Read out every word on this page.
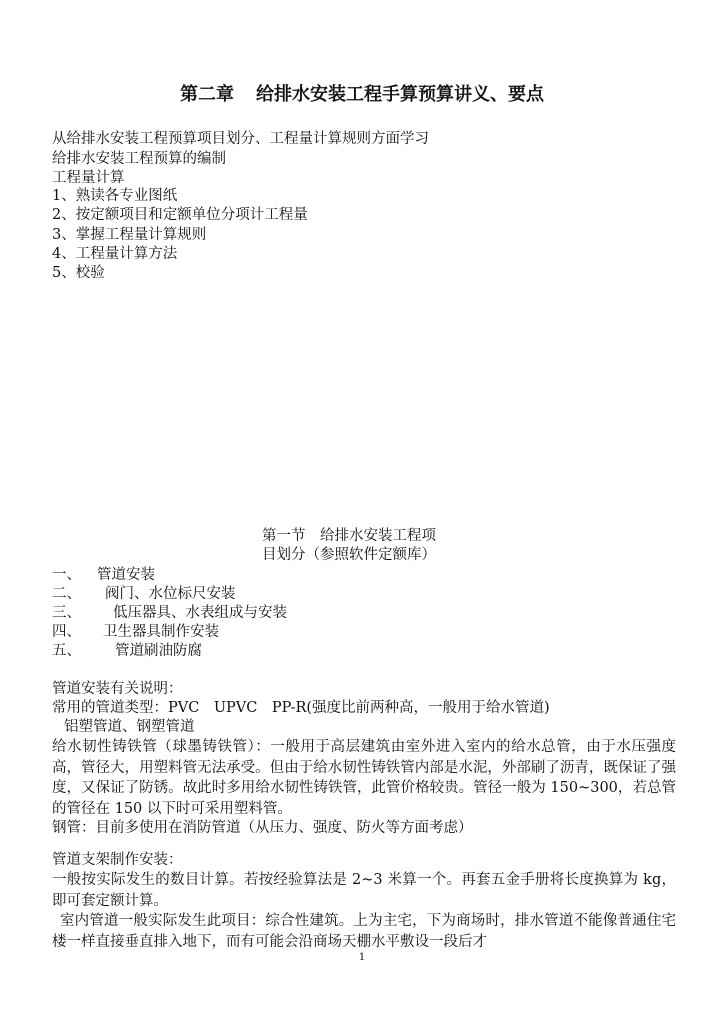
第二章 给排水安装工程手算预算讲义、要点
从给排水安装工程预算项目划分、工程量计算规则方面学习
给排水安装工程预算的编制
工程量计算
1、熟读各专业图纸
2、按定额项目和定额单位分项计工程量
3、掌握工程量计算规则
4、工程量计算方法
5、校验
第一节　给排水安装工程项
目划分（参照软件定额库）
一、 管道安装
二、 阀门、水位标尺安装
三、 低压器具、水表组成与安装
四、 卫生器具制作安装
五、 管道刷油防腐
管道安装有关说明：
常用的管道类型：PVC　UPVC　PP-R(强度比前两种高，一般用于给水管道)
铝塑管道、钢塑管道
给水韧性铸铁管（球墨铸铁管）：一般用于高层建筑由室外进入室内的给水总管，由于水压强度高，管径大，用塑料管无法承受。但由于给水韧性铸铁管内部是水泥，外部刷了沥青，既保证了强度，又保证了防锈。故此时多用给水韧性铸铁管，此管价格较贵。管径一般为 150~300，若总管的管径在 150 以下时可采用塑料管。
钢管：目前多使用在消防管道（从压力、强度、防火等方面考虑）
管道支架制作安装：
一般按实际发生的数目计算。若按经验算法是 2~3 米算一个。再套五金手册将长度换算为 kg，即可套定额计算。
室内管道一般实际发生此项目：综合性建筑。上为主宅，下为商场时，排水管道不能像普通住宅楼一样直接垂直排入地下，而有可能会沿商场天棚水平敷设一段后才
1
